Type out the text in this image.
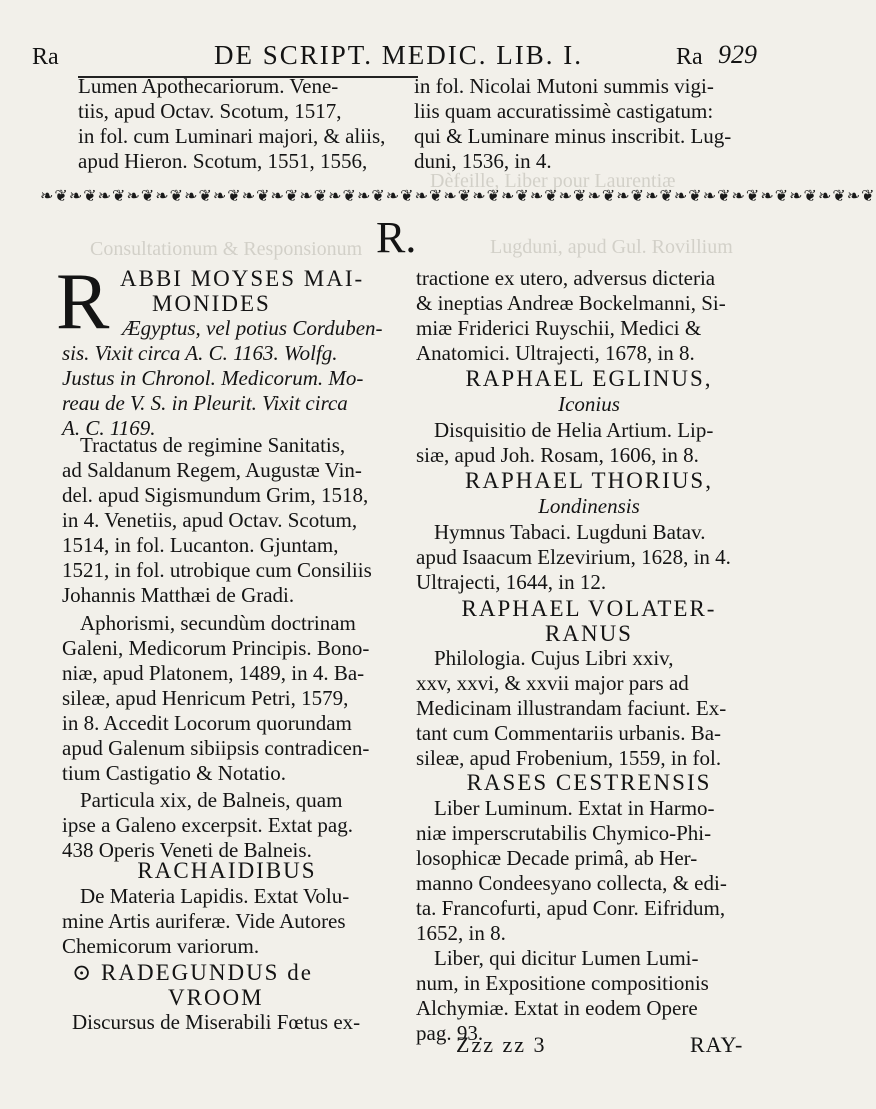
Ra	DE SCRIPT. MEDIC. LIB. I.	Ra 929
Lumen Apothecariorum. Vene-
tiis, apud Octav. Scotum, 1517,
in fol. cum Luminari majori, & aliis,
apud Hieron. Scotum, 1551, 1556,
in fol. Nicolai Mutoni summis vigi-
liis quam accuratissimè castigatum:
qui & Luminare minus inscribit. Lug-
duni, 1536, in 4.
Dèfeille, Liber pour Laurentiæ
Consultationum & Responsionum	Lugduni, apud Gul. Rovillium
❧❦❧❦❧❦❧❦❧❦❧❦❧❦❧❦❧❦❧❦❧❦❧❦❧❦❧❦❧❦❧❦❧❦❧❦❧❦❧❦❧❦❧❦❧❦❧❦❧❦❧❦❧❦❧❦❧❦
R.
R ABBI MOYSES MAI-
MONIDES
Ægyptus, vel potius Corduben-
sis. Vixit circa A. C. 1163. Wolfg.
Justus in Chronol. Medicorum. Mo-
reau de V. S. in Pleurit. Vixit circa
A. C. 1169.
Tractatus de regimine Sanitatis,
ad Saldanum Regem, Augustæ Vin-
del. apud Sigismundum Grim, 1518,
in 4. Venetiis, apud Octav. Scotum,
1514, in fol. Lucanton. Gjuntam,
1521, in fol. utrobique cum Consiliis
Johannis Matthæi de Gradi.
Aphorismi, secundùm doctrinam
Galeni, Medicorum Principis. Bono-
niæ, apud Platonem, 1489, in 4. Ba-
sileæ, apud Henricum Petri, 1579,
in 8. Accedit Locorum quorundam
apud Galenum sibiipsis contradicen-
tium Castigatio & Notatio.
Particula xix, de Balneis, quam
ipse a Galeno excerpsit. Extat pag.
438 Operis Veneti de Balneis.
RACHAIDIBUS
De Materia Lapidis. Extat Volu-
mine Artis auriferæ. Vide Autores
Chemicorum variorum.
⊙ RADEGUNDUS de
VROOM
Discursus de Miserabili Fœtus ex-
tractione ex utero, adversus dicteria
& ineptias Andreæ Bockelmanni, Si-
miæ Friderici Ruyschii, Medici &
Anatomici. Ultrajecti, 1678, in 8.
RAPHAEL EGLINUS,
Iconius
Disquisitio de Helia Artium. Lip-
siæ, apud Joh. Rosam, 1606, in 8.
RAPHAEL THORIUS,
Londinensis
Hymnus Tabaci. Lugduni Batav.
apud Isaacum Elzevirium, 1628, in 4.
Ultrajecti, 1644, in 12.
RAPHAEL VOLATER-
RANUS
Philologia. Cujus Libri xxiv,
xxv, xxvi, & xxvii major pars ad
Medicinam illustrandam faciunt. Ex-
tant cum Commentariis urbanis. Ba-
sileæ, apud Frobenium, 1559, in fol.
RASES CESTRENSIS
Liber Luminum. Extat in Harmo-
niæ imperscrutabilis Chymico-Phi-
losophicæ Decade primâ, ab Her-
manno Condeesyano collecta, & edi-
ta. Francofurti, apud Conr. Eifridum,
1652, in 8.
Liber, qui dicitur Lumen Lumi-
num, in Expositione compositionis
Alchymiæ. Extat in eodem Opere
pag. 93.
Zzz zz 3	RAY-
